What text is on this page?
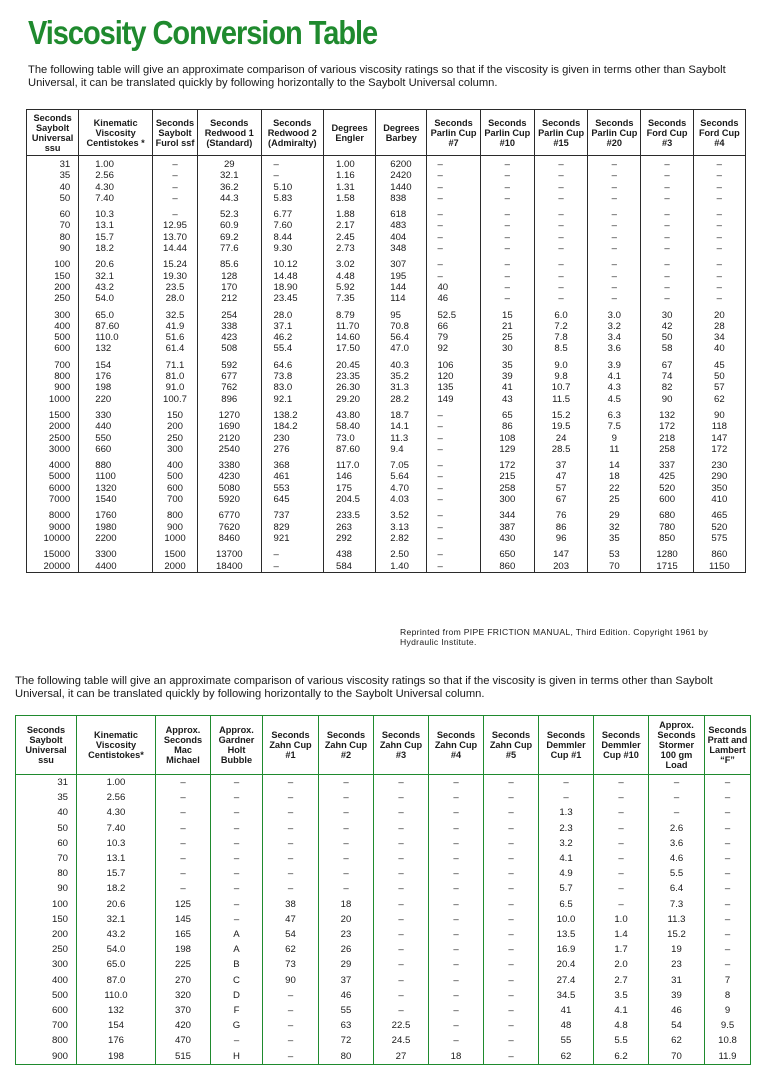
Viscosity Conversion Table

The following table will give an approximate comparison of various viscosity ratings so that if the viscosity is given in terms other than Saybolt Universal, it can be translated quickly by following horizontally to the Saybolt Universal column.

Seconds Saybolt Universal ssu	Kinematic Viscosity Centistokes *	Seconds Saybolt Furol ssf	Seconds Redwood 1 (Standard)	Seconds Redwood 2 (Admiralty)	Degrees Engler	Degrees Barbey	Seconds Parlin Cup #7	Seconds Parlin Cup #10	Seconds Parlin Cup #15	Seconds Parlin Cup #20	Seconds Ford Cup #3	Seconds Ford Cup #4
31	1.00	–	29	–	1.00	6200	–	–	–	–	–	–
35	2.56	–	32.1	–	1.16	2420	–	–	–	–	–	–
40	4.30	–	36.2	5.10	1.31	1440	–	–	–	–	–	–
50	7.40	–	44.3	5.83	1.58	838	–	–	–	–	–	–
60	10.3	–	52.3	6.77	1.88	618	–	–	–	–	–	–
70	13.1	12.95	60.9	7.60	2.17	483	–	–	–	–	–	–
80	15.7	13.70	69.2	8.44	2.45	404	–	–	–	–	–	–
90	18.2	14.44	77.6	9.30	2.73	348	–	–	–	–	–	–
100	20.6	15.24	85.6	10.12	3.02	307	–	–	–	–	–	–
150	32.1	19.30	128	14.48	4.48	195	–	–	–	–	–	–
200	43.2	23.5	170	18.90	5.92	144	40	–	–	–	–	–
250	54.0	28.0	212	23.45	7.35	114	46	–	–	–	–	–
300	65.0	32.5	254	28.0	8.79	95	52.5	15	6.0	3.0	30	20
400	87.60	41.9	338	37.1	11.70	70.8	66	21	7.2	3.2	42	28
500	110.0	51.6	423	46.2	14.60	56.4	79	25	7.8	3.4	50	34
600	132	61.4	508	55.4	17.50	47.0	92	30	8.5	3.6	58	40
700	154	71.1	592	64.6	20.45	40.3	106	35	9.0	3.9	67	45
800	176	81.0	677	73.8	23.35	35.2	120	39	9.8	4.1	74	50
900	198	91.0	762	83.0	26.30	31.3	135	41	10.7	4.3	82	57
1000	220	100.7	896	92.1	29.20	28.2	149	43	11.5	4.5	90	62
1500	330	150	1270	138.2	43.80	18.7	–	65	15.2	6.3	132	90
2000	440	200	1690	184.2	58.40	14.1	–	86	19.5	7.5	172	118
2500	550	250	2120	230	73.0	11.3	–	108	24	9	218	147
3000	660	300	2540	276	87.60	9.4	–	129	28.5	11	258	172
4000	880	400	3380	368	117.0	7.05	–	172	37	14	337	230
5000	1100	500	4230	461	146	5.64	–	215	47	18	425	290
6000	1320	600	5080	553	175	4.70	–	258	57	22	520	350
7000	1540	700	5920	645	204.5	4.03	–	300	67	25	600	410
8000	1760	800	6770	737	233.5	3.52	–	344	76	29	680	465
9000	1980	900	7620	829	263	3.13	–	387	86	32	780	520
10000	2200	1000	8460	921	292	2.82	–	430	96	35	850	575
15000	3300	1500	13700	–	438	2.50	–	650	147	53	1280	860
20000	4400	2000	18400	–	584	1.40	–	860	203	70	1715	1150

Reprinted from PIPE FRICTION MANUAL, Third Edition. Copyright 1961 by Hydraulic Institute.

The following table will give an approximate comparison of various viscosity ratings so that if the viscosity is given in terms other than Saybolt Universal, it can be translated quickly by following horizontally to the Saybolt Universal column.

Seconds Saybolt Universal ssu	Kinematic Viscosity Centistokes*	Approx. Seconds Mac Michael	Approx. Gardner Holt Bubble	Seconds Zahn Cup #1	Seconds Zahn Cup #2	Seconds Zahn Cup #3	Seconds Zahn Cup #4	Seconds Zahn Cup #5	Seconds Demmler Cup #1	Seconds Demmler Cup #10	Approx. Seconds Stormer 100 gm Load	Seconds Pratt and Lambert “F”
31	1.00	–	–	–	–	–	–	–	–	–	–	–
35	2.56	–	–	–	–	–	–	–	–	–	–	–
40	4.30	–	–	–	–	–	–	–	1.3	–	–	–
50	7.40	–	–	–	–	–	–	–	2.3	–	2.6	–
60	10.3	–	–	–	–	–	–	–	3.2	–	3.6	–
70	13.1	–	–	–	–	–	–	–	4.1	–	4.6	–
80	15.7	–	–	–	–	–	–	–	4.9	–	5.5	–
90	18.2	–	–	–	–	–	–	–	5.7	–	6.4	–
100	20.6	125	–	38	18	–	–	–	6.5	–	7.3	–
150	32.1	145	–	47	20	–	–	–	10.0	1.0	11.3	–
200	43.2	165	A	54	23	–	–	–	13.5	1.4	15.2	–
250	54.0	198	A	62	26	–	–	–	16.9	1.7	19	–
300	65.0	225	B	73	29	–	–	–	20.4	2.0	23	–
400	87.0	270	C	90	37	–	–	–	27.4	2.7	31	7
500	110.0	320	D	–	46	–	–	–	34.5	3.5	39	8
600	132	370	F	–	55	–	–	–	41	4.1	46	9
700	154	420	G	–	63	22.5	–	–	48	4.8	54	9.5
800	176	470	–	–	72	24.5	–	–	55	5.5	62	10.8
900	198	515	H	–	80	27	18	–	62	6.2	70	11.9
